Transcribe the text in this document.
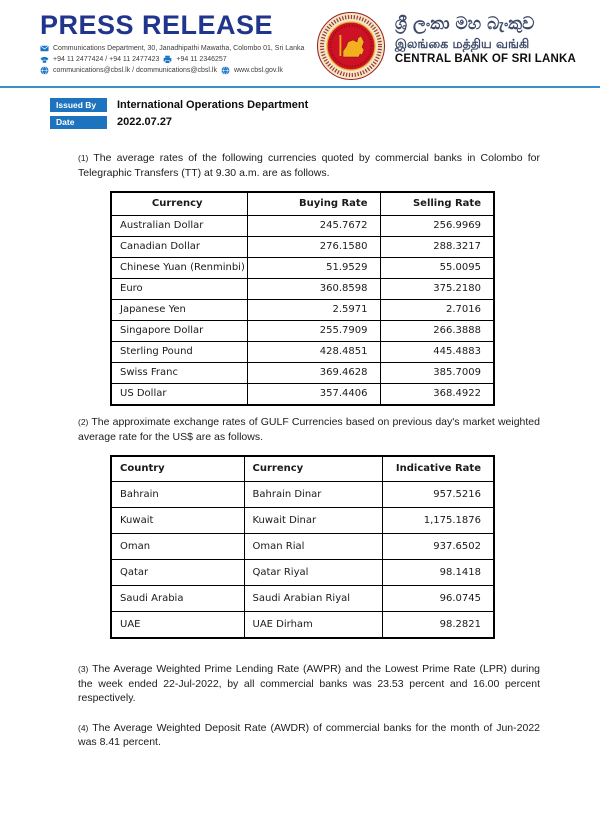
PRESS RELEASE
Communications Department, 30, Janadhipathi Mawatha, Colombo 01, Sri Lanka
+94 11 2477424 / +94 11 2477423 +94 11 2346257
communications@cbsl.lk / dcommunications@cbsl.lk www.cbsl.gov.lk
ශ්‍රී ලංකා මහ බැංකුව
இலங்கை மத்திய வங்கி
CENTRAL BANK OF SRI LANKA
Issued By	International Operations Department
Date	2022.07.27

(1) The average rates of the following currencies quoted by commercial banks in Colombo for Telegraphic Transfers (TT) at 9.30 a.m. are as follows.

Currency	Buying Rate	Selling Rate
Australian Dollar	245.7672	256.9969
Canadian Dollar	276.1580	288.3217
Chinese Yuan (Renminbi)	51.9529	55.0095
Euro	360.8598	375.2180
Japanese Yen	2.5971	2.7016
Singapore Dollar	255.7909	266.3888
Sterling Pound	428.4851	445.4883
Swiss Franc	369.4628	385.7009
US Dollar	357.4406	368.4922

(2) The approximate exchange rates of GULF Currencies based on previous day's market weighted average rate for the US$ are as follows.

Country	Currency	Indicative Rate
Bahrain	Bahrain Dinar	957.5216
Kuwait	Kuwait Dinar	1,175.1876
Oman	Oman Rial	937.6502
Qatar	Qatar Riyal	98.1418
Saudi Arabia	Saudi Arabian Riyal	96.0745
UAE	UAE Dirham	98.2821

(3) The Average Weighted Prime Lending Rate (AWPR) and the Lowest Prime Rate (LPR) during the week ended 22-Jul-2022, by all commercial banks was 23.53 percent and 16.00 percent respectively.

(4) The Average Weighted Deposit Rate (AWDR) of commercial banks for the month of Jun-2022 was 8.41 percent.
